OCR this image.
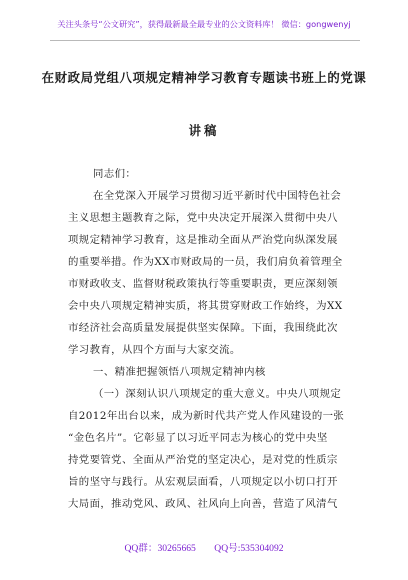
关注头条号“公文研究”，获得最新最全最专业的公文资料库！ 微信：gongwenyj
在财政局党组八项规定精神学习教育专题读书班上的党课
讲稿
同志们：
在全党深入开展学习贯彻习近平新时代中国特色社会
主义思想主题教育之际，党中央决定开展深入贯彻中央八
项规定精神学习教育，这是推动全面从严治党向纵深发展
的重要举措。作为XX市财政局的一员，我们肩负着管理全
市财政收支、监督财税政策执行等重要职责，更应深刻领
会中央八项规定精神实质，将其贯穿财政工作始终，为XX
市经济社会高质量发展提供坚实保障。下面，我围绕此次
学习教育，从四个方面与大家交流。
一、精准把握领悟八项规定精神内核
（一）深刻认识八项规定的重大意义。中央八项规定
自2012年出台以来，成为新时代共产党人作风建设的一张
“金色名片”。它彰显了以习近平同志为核心的党中央坚
持党要管党、全面从严治党的坚定决心，是对党的性质宗
旨的坚守与践行。从宏观层面看，八项规定以小切口打开
大局面，推动党风、政风、社风向上向善，营造了风清气
QQ群：30265665 QQ号:535304092
